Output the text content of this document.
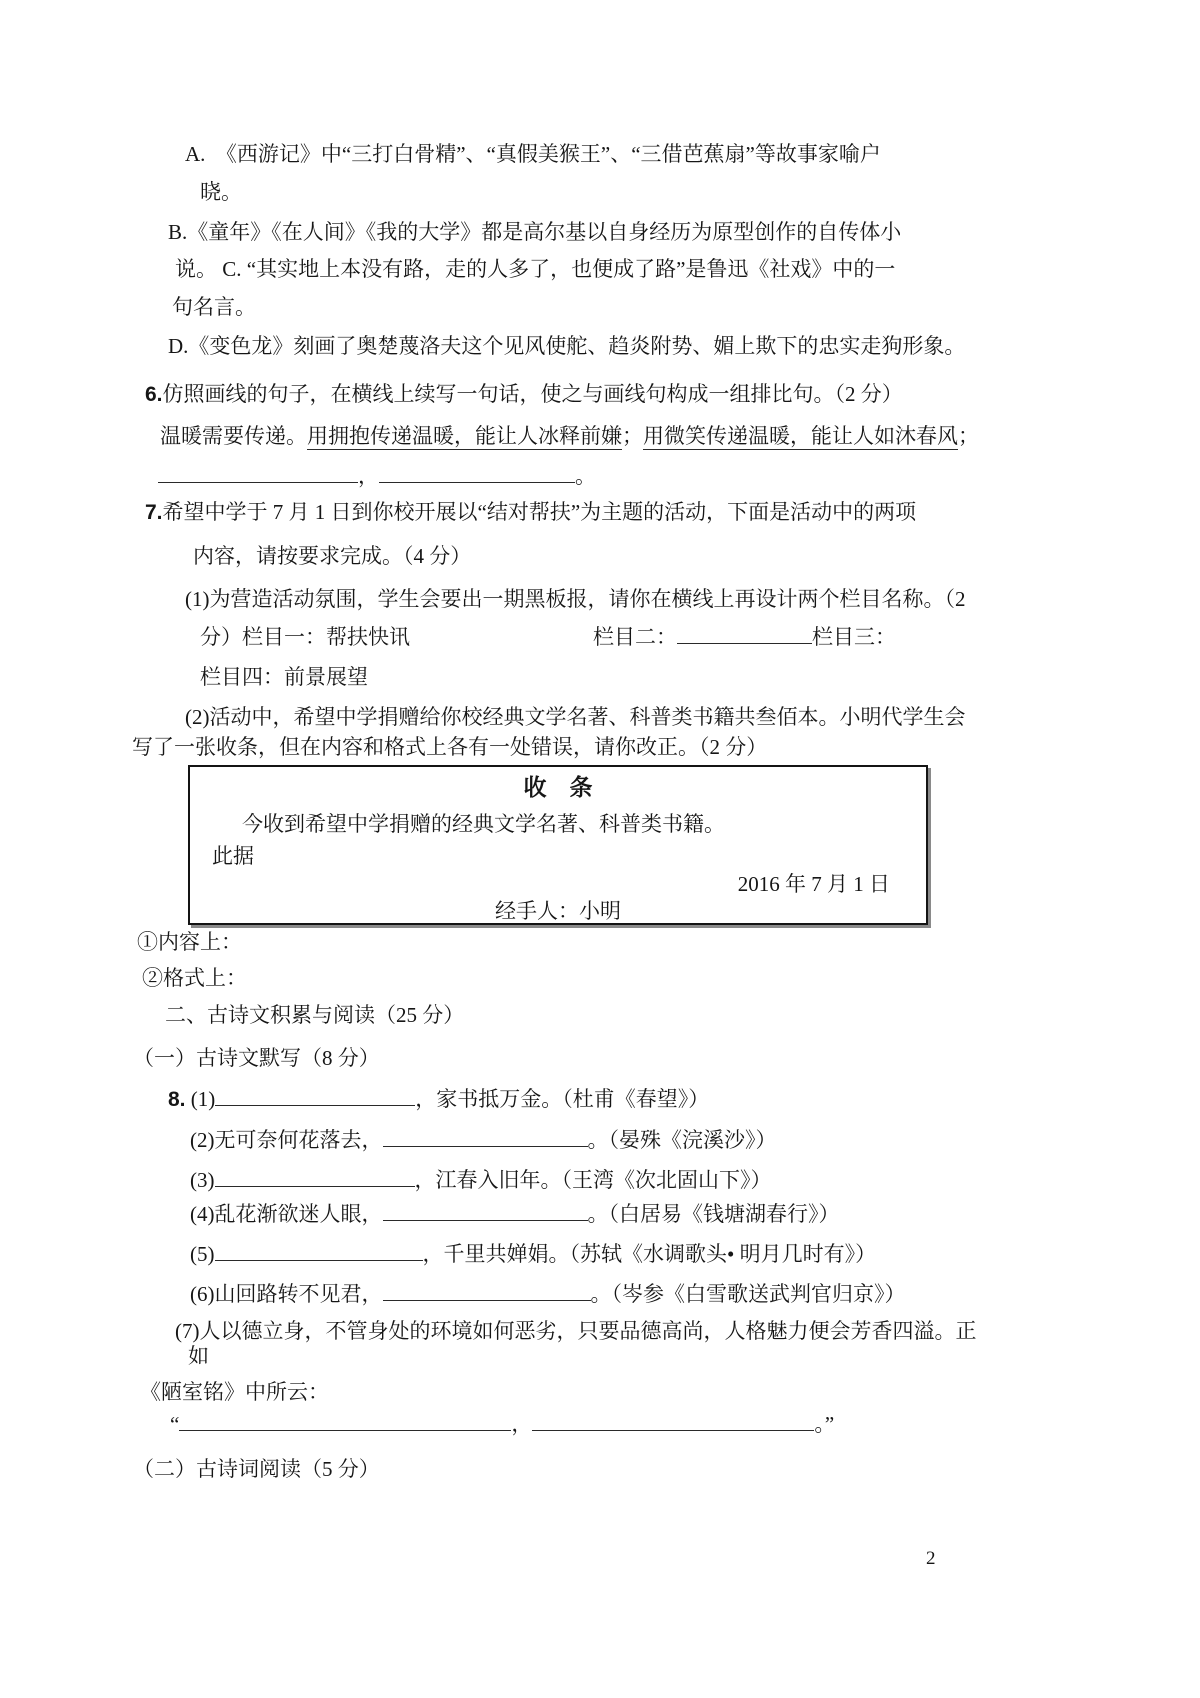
A.　《西游记》中“三打白骨精”、“真假美猴王”、“三借芭蕉扇”等故事家喻户
晓。
B.《童年》《在人间》《我的大学》都是高尔基以自身经历为原型创作的自传体小
说。 C. “其实地上本没有路，走的人多了，也便成了路”是鲁迅《社戏》中的一
句名言。
D.《变色龙》刻画了奥楚蔑洛夫这个见风使舵、趋炎附势、媚上欺下的忠实走狗形象。
6.仿照画线的句子，在横线上续写一句话，使之与画线句构成一组排比句。（2 分）
温暖需要传递。用拥抱传递温暖，能让人冰释前嫌；用微笑传递温暖，能让人如沐春风；
，	。
7.希望中学于 7 月 1 日到你校开展以“结对帮扶”为主题的活动，下面是活动中的两项
内容，请按要求完成。（4 分）
(1)为营造活动氛围，学生会要出一期黑板报，请你在横线上再设计两个栏目名称。（2
分）栏目一：帮扶快讯	栏目二：	栏目三：
栏目四：前景展望
(2)活动中，希望中学捐赠给你校经典文学名著、科普类书籍共叁佰本。小明代学生会
写了一张收条，但在内容和格式上各有一处错误，请你改正。（2 分）
收　条
今收到希望中学捐赠的经典文学名著、科普类书籍。
此据
2016 年 7 月 1 日
经手人：小明
①内容上：
②格式上：
二、古诗文积累与阅读（25 分）
（一）古诗文默写（8 分）
8. (1)	，家书抵万金。（杜甫《春望》）
(2)无可奈何花落去，	。（晏殊《浣溪沙》）
(3)	，江春入旧年。（王湾《次北固山下》）
(4)乱花渐欲迷人眼，	。（白居易《钱塘湖春行》）
(5)	，千里共婵娟。（苏轼《水调歌头• 明月几时有》）
(6)山回路转不见君，	。（岑参《白雪歌送武判官归京》）
(7)人以德立身，不管身处的环境如何恶劣，只要品德高尚，人格魅力便会芳香四溢。正
如
《陋室铭》中所云：
“	，	。”
（二）古诗词阅读（5 分）
2
